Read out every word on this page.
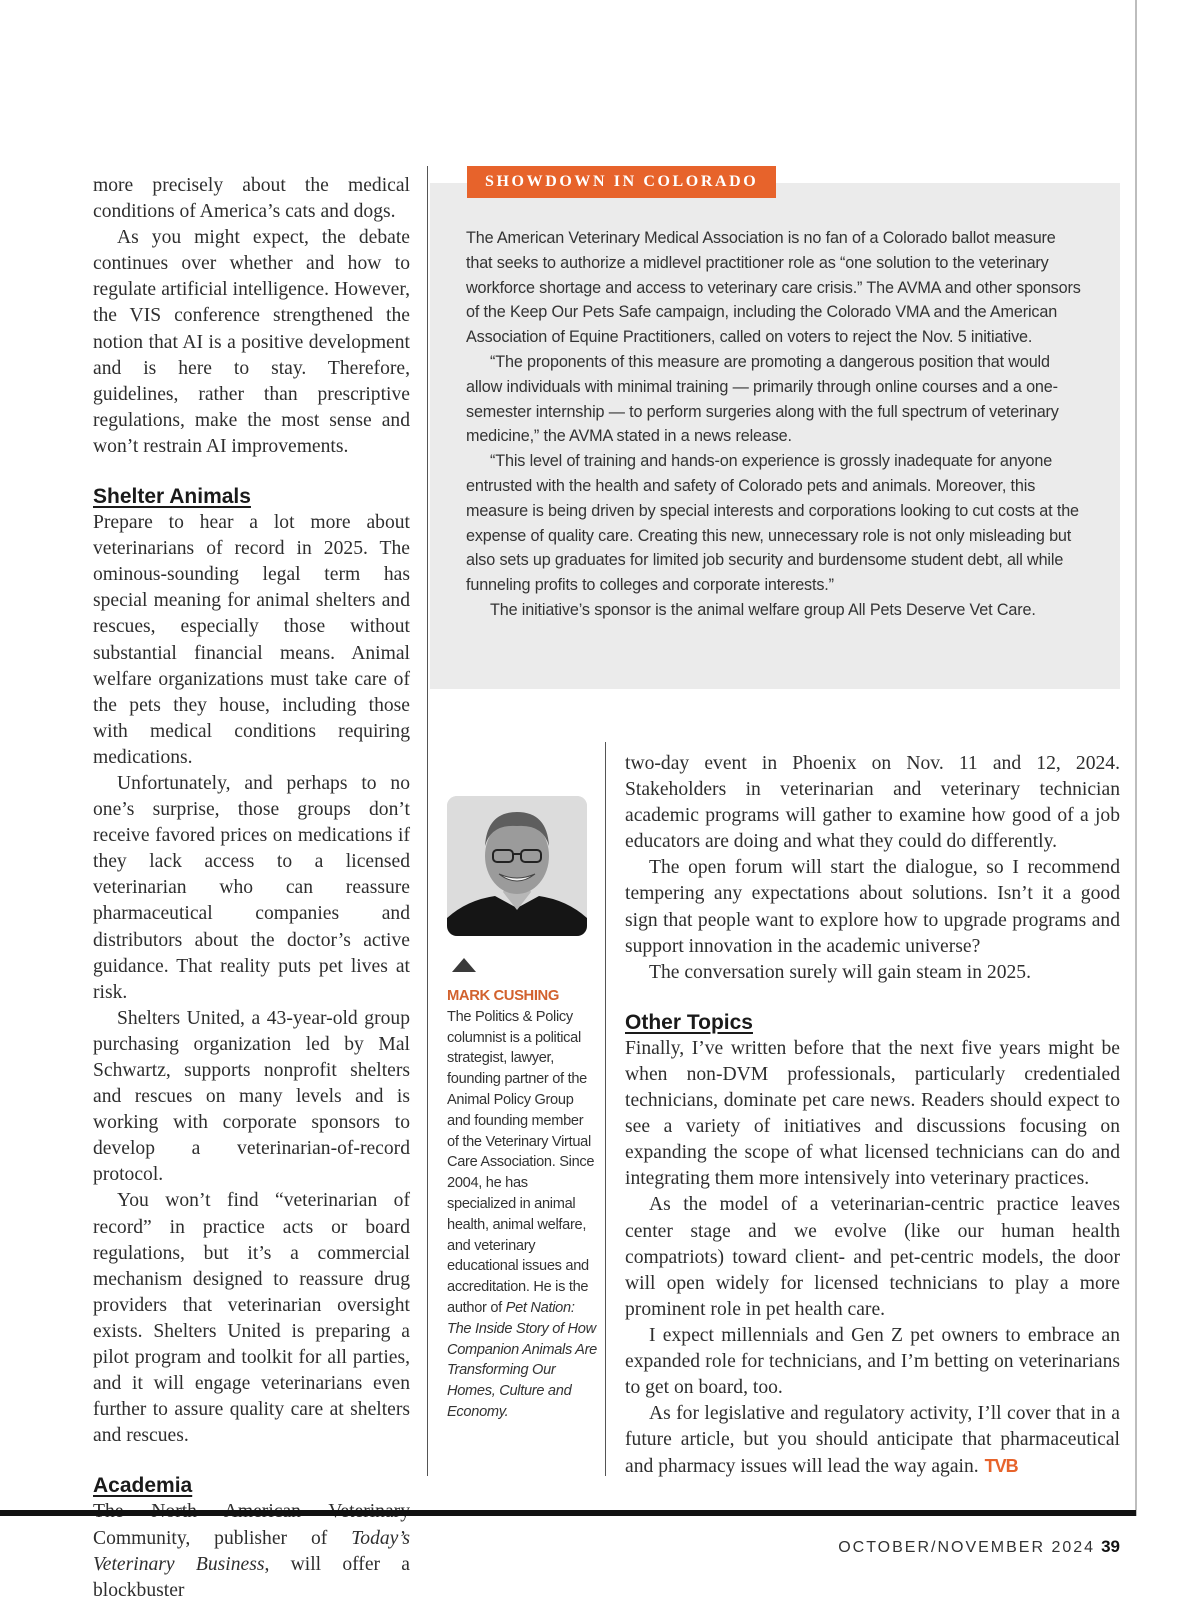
more precisely about the medical conditions of America’s cats and dogs.

As you might expect, the debate continues over whether and how to regulate artificial intelligence. However, the VIS conference strengthened the notion that AI is a positive development and is here to stay. Therefore, guidelines, rather than prescriptive regulations, make the most sense and won’t restrain AI improvements.

Shelter Animals

Prepare to hear a lot more about veterinarians of record in 2025. The ominous-sounding legal term has special meaning for animal shelters and rescues, especially those without substantial financial means. Animal welfare organizations must take care of the pets they house, including those with medical conditions requiring medications.

Unfortunately, and perhaps to no one’s surprise, those groups don’t receive favored prices on medications if they lack access to a licensed veterinarian who can reassure pharmaceutical companies and distributors about the doctor’s active guidance. That reality puts pet lives at risk.

Shelters United, a 43-year-old group purchasing organization led by Mal Schwartz, supports nonprofit shelters and rescues on many levels and is working with corporate sponsors to develop a veterinarian-of-record protocol.

You won’t find “veterinarian of record” in practice acts or board regulations, but it’s a commercial mechanism designed to reassure drug providers that veterinarian oversight exists. Shelters United is preparing a pilot program and toolkit for all parties, and it will engage veterinarians even further to assure quality care at shelters and rescues.

Academia

Community, publisher of Today’s Veterinary Business, will offer a blockbuster

SHOWDOWN IN COLORADO

The American Veterinary Medical Association is no fan of a Colorado ballot measure that seeks to authorize a midlevel practitioner role as “one solution to the veterinary workforce shortage and access to veterinary care crisis.” The AVMA and other sponsors of the Keep Our Pets Safe campaign, including the Colorado VMA and the American Association of Equine Practitioners, called on voters to reject the Nov. 5 initiative.

“The proponents of this measure are promoting a dangerous position that would allow individuals with minimal training — primarily through online courses and a one-semester internship — to perform surgeries along with the full spectrum of veterinary medicine,” the AVMA stated in a news release.

“This level of training and hands-on experience is grossly inadequate for anyone entrusted with the health and safety of Colorado pets and animals. Moreover, this measure is being driven by special interests and corporations looking to cut costs at the expense of quality care. Creating this new, unnecessary role is not only misleading but also sets up graduates for limited job security and burdensome student debt, all while funneling profits to colleges and corporate interests.”

The initiative’s sponsor is the animal welfare group All Pets Deserve Vet Care.

MARK CUSHING
The Politics & Policy columnist is a political strategist, lawyer, founding partner of the Animal Policy Group and founding member of the Veterinary Virtual Care Association. Since 2004, he has specialized in animal health, animal welfare, and veterinary educational issues and accreditation. He is the author of Pet Nation: The Inside Story of How Companion Animals Are Transforming Our Homes, Culture and Economy.

two-day event in Phoenix on Nov. 11 and 12, 2024. Stakeholders in veterinarian and veterinary technician academic programs will gather to examine how good of a job educators are doing and what they could do differently.

The open forum will start the dialogue, so I recommend tempering any expectations about solutions. Isn’t it a good sign that people want to explore how to upgrade programs and support innovation in the academic universe?

The conversation surely will gain steam in 2025.

Other Topics

Finally, I’ve written before that the next five years might be when non-DVM professionals, particularly credentialed technicians, dominate pet care news. Readers should expect to see a variety of initiatives and discussions focusing on expanding the scope of what licensed technicians can do and integrating them more intensively into veterinary practices.

As the model of a veterinarian-centric practice leaves center stage and we evolve (like our human health compatriots) toward client- and pet-centric models, the door will open widely for licensed technicians to play a more prominent role in pet health care.

I expect millennials and Gen Z pet owners to embrace an expanded role for technicians, and I’m betting on veterinarians to get on board, too.

As for legislative and regulatory activity, I’ll cover that in a future article, but you should anticipate that pharmaceutical and pharmacy issues will lead the way again. TVB

OCTOBER/NOVEMBER 2024 39
